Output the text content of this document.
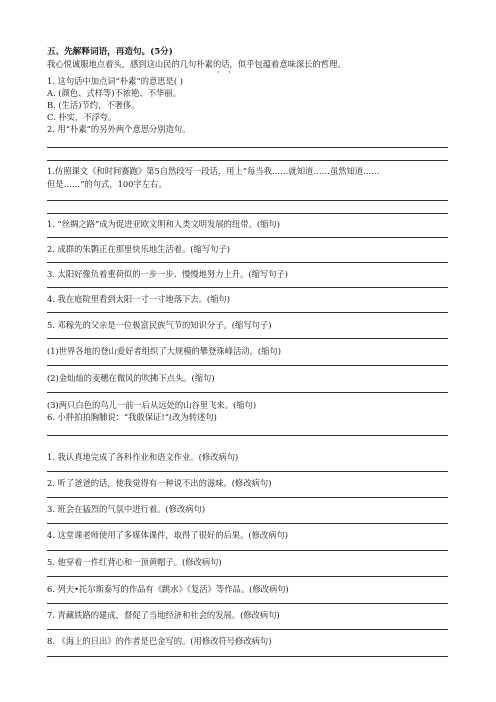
五、先解释词语，再造句。(5分)
我心悦诚服地点着头，感到这山民的几句朴素的话，似乎包蕴着意味深长的哲理。
· ·
1. 这句话中加点词“朴素”的意思是( )
A. (颜色、式样等)不浓艳、不华丽。
B. (生活)节约，不奢侈。
C. 朴实，不浮夸。
2. 用“朴素”的另外两个意思分别造句。
1.仿照课文《和时间赛跑》第5自然段写一段话，用上“每当我……就知道……虽然知道……
但是……”的句式，100字左右。
1. “丝绸之路”成为促进亚欧文明和人类文明发展的纽带。(缩句)
2. 成群的朱鹮正在那里快乐地生活着。(缩写句子)
3. 太阳好像负着重荷似的一步一步、慢慢地努力上升。(缩写句子)
4. 我在庭院里看到太阳一寸一寸地落下去。(缩句)
5. 邓稼先的父亲是一位极富民族气节的知识分子。(缩写句子)
(1)世界各地的登山爱好者组织了大规模的攀登珠峰活动。(缩句)
(2)金灿灿的麦穗在微风的吹拂下点头。(缩句)
(3)两只白色的鸟儿一前一后从远处的山谷里飞来。(缩句)
6. 小胖拍拍胸脯说：“我敢保证!”(改为转述句)
1. 我认真地完成了各科作业和语文作业。(修改病句)
2. 听了爸爸的话，使我觉得有一种说不出的滋味。(修改病句)
3. 班会在猛烈的气氛中进行着。(修改病句)
4. 这堂课老师使用了多媒体课件，取得了很好的后果。(修改病句)
5. 他穿着一件红背心和一顶黄帽子。(修改病句)
6. 列夫•托尔斯泰写的作品有《跳水》《复活》等作品。(修改病句)
7. 青藏铁路的建成，督促了当地经济和社会的发展。(修改病句)
8. 《海上的日出》的作者是巴金写的。(用修改符号修改病句)
